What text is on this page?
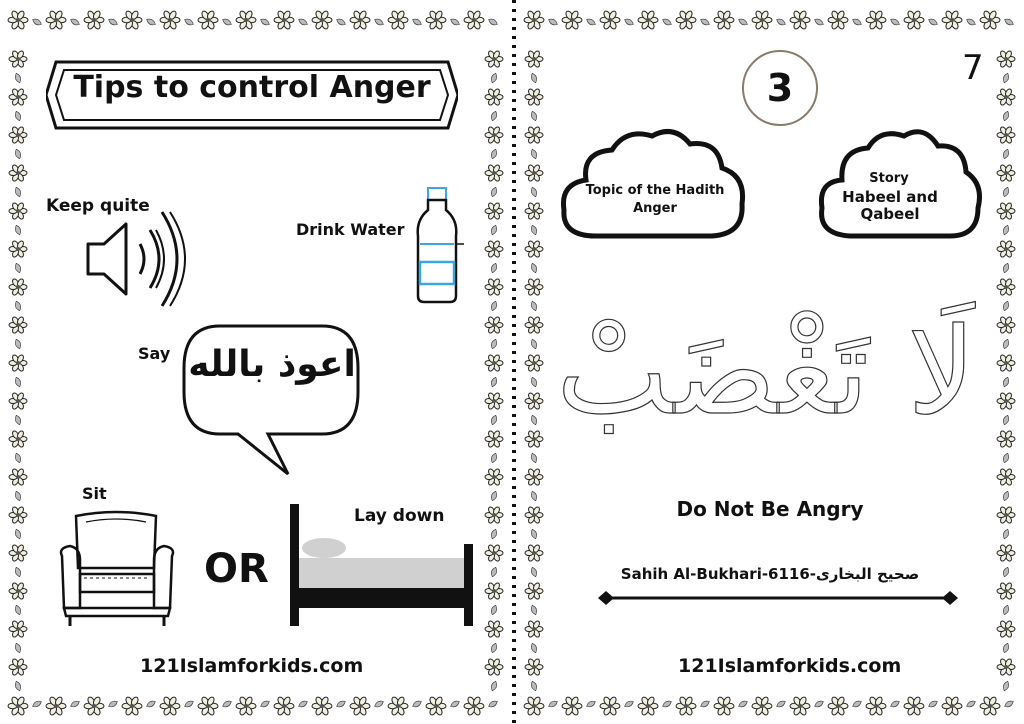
Tips to control Anger
Keep quite
Drink Water
Say اعوذ بالله
Sit
OR
Lay down
121Islamforkids.com
7
3
Topic of the Hadith
Anger
Story
Habeel and Qabeel
لَا تَغْضَبْ
Do Not Be Angry
Sahih Al-Bukhari-6116-صحيح البخارى
121Islamforkids.com
